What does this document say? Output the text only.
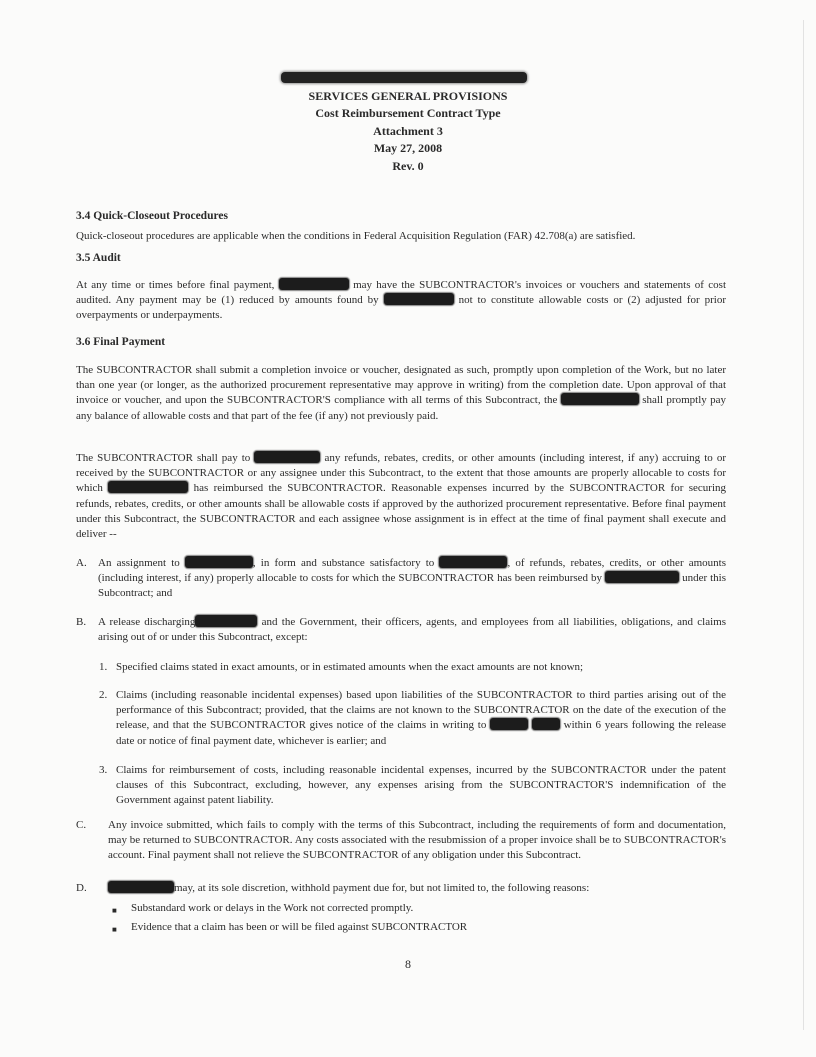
SERVICES GENERAL PROVISIONS
Cost Reimbursement Contract Type
Attachment 3
May 27, 2008
Rev. 0
3.4 Quick-Closeout Procedures

Quick-closeout procedures are applicable when the conditions in Federal Acquisition Regulation (FAR) 42.708(a) are satisfied.

3.5 Audit

At any time or times before final payment,	may have the SUBCONTRACTOR's invoices or vouchers and statements of cost audited. Any payment may be (1) reduced by amounts found by	not to constitute allowable costs or (2) adjusted for prior overpayments or underpayments.

3.6 Final Payment

The SUBCONTRACTOR shall submit a completion invoice or voucher, designated as such, promptly upon completion of the Work, but no later than one year (or longer, as the authorized procurement representative may approve in writing) from the completion date. Upon approval of that invoice or voucher, and upon the SUBCONTRACTOR'S compliance with all terms of this Subcontract, the	shall promptly pay any balance of allowable costs and that part of the fee (if any) not previously paid.

The SUBCONTRACTOR shall pay to	any refunds, rebates, credits, or other amounts (including interest, if any) accruing to or received by the SUBCONTRACTOR or any assignee under this Subcontract, to the extent that those amounts are properly allocable to costs for which	has reimbursed the SUBCONTRACTOR. Reasonable expenses incurred by the SUBCONTRACTOR for securing refunds, rebates, credits, or other amounts shall be allowable costs if approved by the authorized procurement representative. Before final payment under this Subcontract, the SUBCONTRACTOR and each assignee whose assignment is in effect at the time of final payment shall execute and deliver --

A. An assignment to	, in form and substance satisfactory to	, of refunds, rebates, credits, or other amounts (including interest, if any) properly allocable to costs for which the SUBCONTRACTOR has been reimbursed by	under this Subcontract; and

B. A release discharging	and the Government, their officers, agents, and employees from all liabilities, obligations, and claims arising out of or under this Subcontract, except:

1. Specified claims stated in exact amounts, or in estimated amounts when the exact amounts are not known;

2. Claims (including reasonable incidental expenses) based upon liabilities of the SUBCONTRACTOR to third parties arising out of the performance of this Subcontract; provided, that the claims are not known to the SUBCONTRACTOR on the date of the execution of the release, and that the SUBCONTRACTOR gives notice of the claims in writing to	within 6 years following the release date or notice of final payment date, whichever is earlier; and

3. Claims for reimbursement of costs, including reasonable incidental expenses, incurred by the SUBCONTRACTOR under the patent clauses of this Subcontract, excluding, however, any expenses arising from the SUBCONTRACTOR'S indemnification of the Government against patent liability.

C. Any invoice submitted, which fails to comply with the terms of this Subcontract, including the requirements of form and documentation, may be returned to SUBCONTRACTOR. Any costs associated with the resubmission of a proper invoice shall be to SUBCONTRACTOR's account. Final payment shall not relieve the SUBCONTRACTOR of any obligation under this Subcontract.

D.	may, at its sole discretion, withhold payment due for, but not limited to, the following reasons:

■ Substandard work or delays in the Work not corrected promptly.

■ Evidence that a claim has been or will be filed against SUBCONTRACTOR

8
